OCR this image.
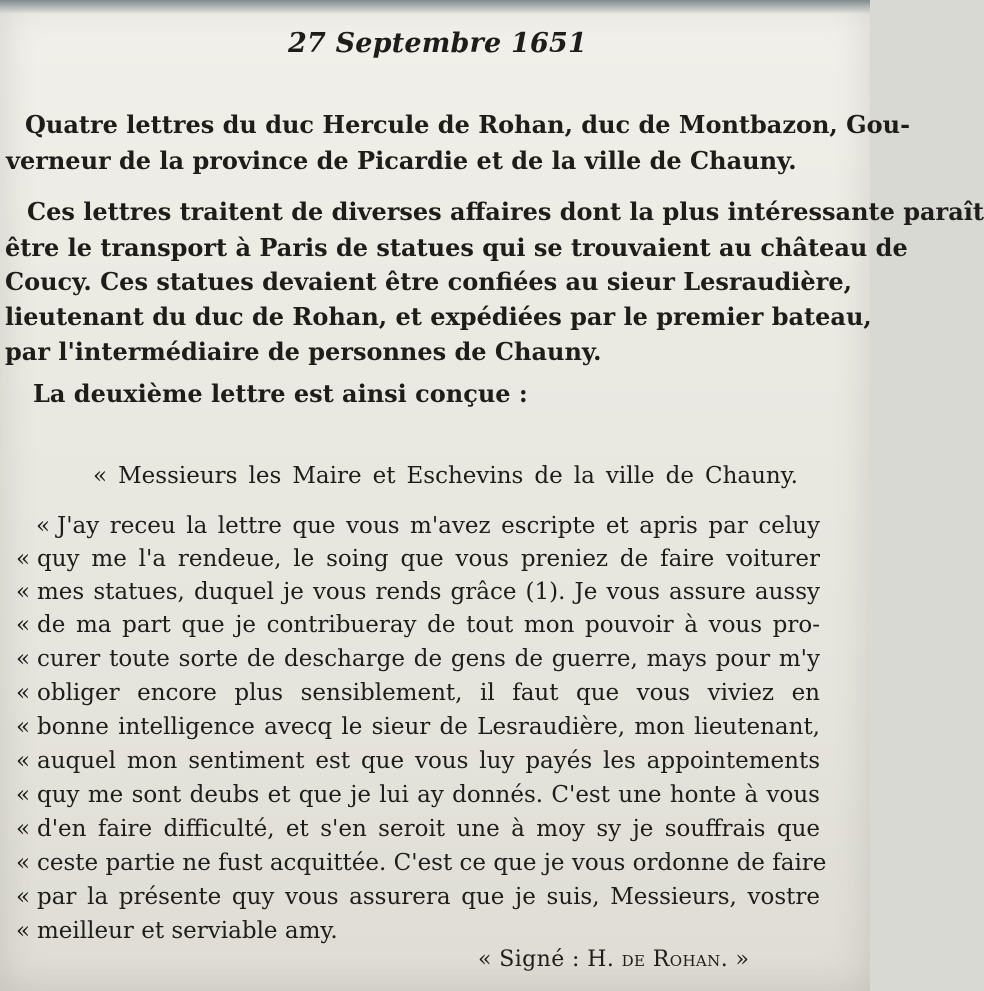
27 Septembre 1651
Quatre lettres du duc Hercule de Rohan, duc de Montbazon, Gou-
verneur de la province de Picardie et de la ville de Chauny.
Ces lettres traitent de diverses affaires dont la plus intéressante paraît
être le transport à Paris de statues qui se trouvaient au château de
Coucy. Ces statues devaient être confiées au sieur Lesraudière,
lieutenant du duc de Rohan, et expédiées par le premier bateau,
par l'intermédiaire de personnes de Chauny.
La deuxième lettre est ainsi conçue :
« Messieurs les Maire et Eschevins de la ville de Chauny.
« J'ay receu la lettre que vous m'avez escripte et apris par celuy
« quy me l'a rendeue, le soing que vous preniez de faire voiturer
« mes statues, duquel je vous rends grâce (1). Je vous assure aussy
« de ma part que je contribueray de tout mon pouvoir à vous pro-
« curer toute sorte de descharge de gens de guerre, mays pour m'y
« obliger encore plus sensiblement, il faut que vous viviez en
« bonne intelligence avecq le sieur de Lesraudière, mon lieutenant,
« auquel mon sentiment est que vous luy payés les appointements
« quy me sont deubs et que je lui ay donnés. C'est une honte à vous
« d'en faire difficulté, et s'en seroit une à moy sy je souffrais que
« ceste partie ne fust acquittée. C'est ce que je vous ordonne de faire
« par la présente quy vous assurera que je suis, Messieurs, vostre
« meilleur et serviable amy.
« Signé : H. de Rohan. »
